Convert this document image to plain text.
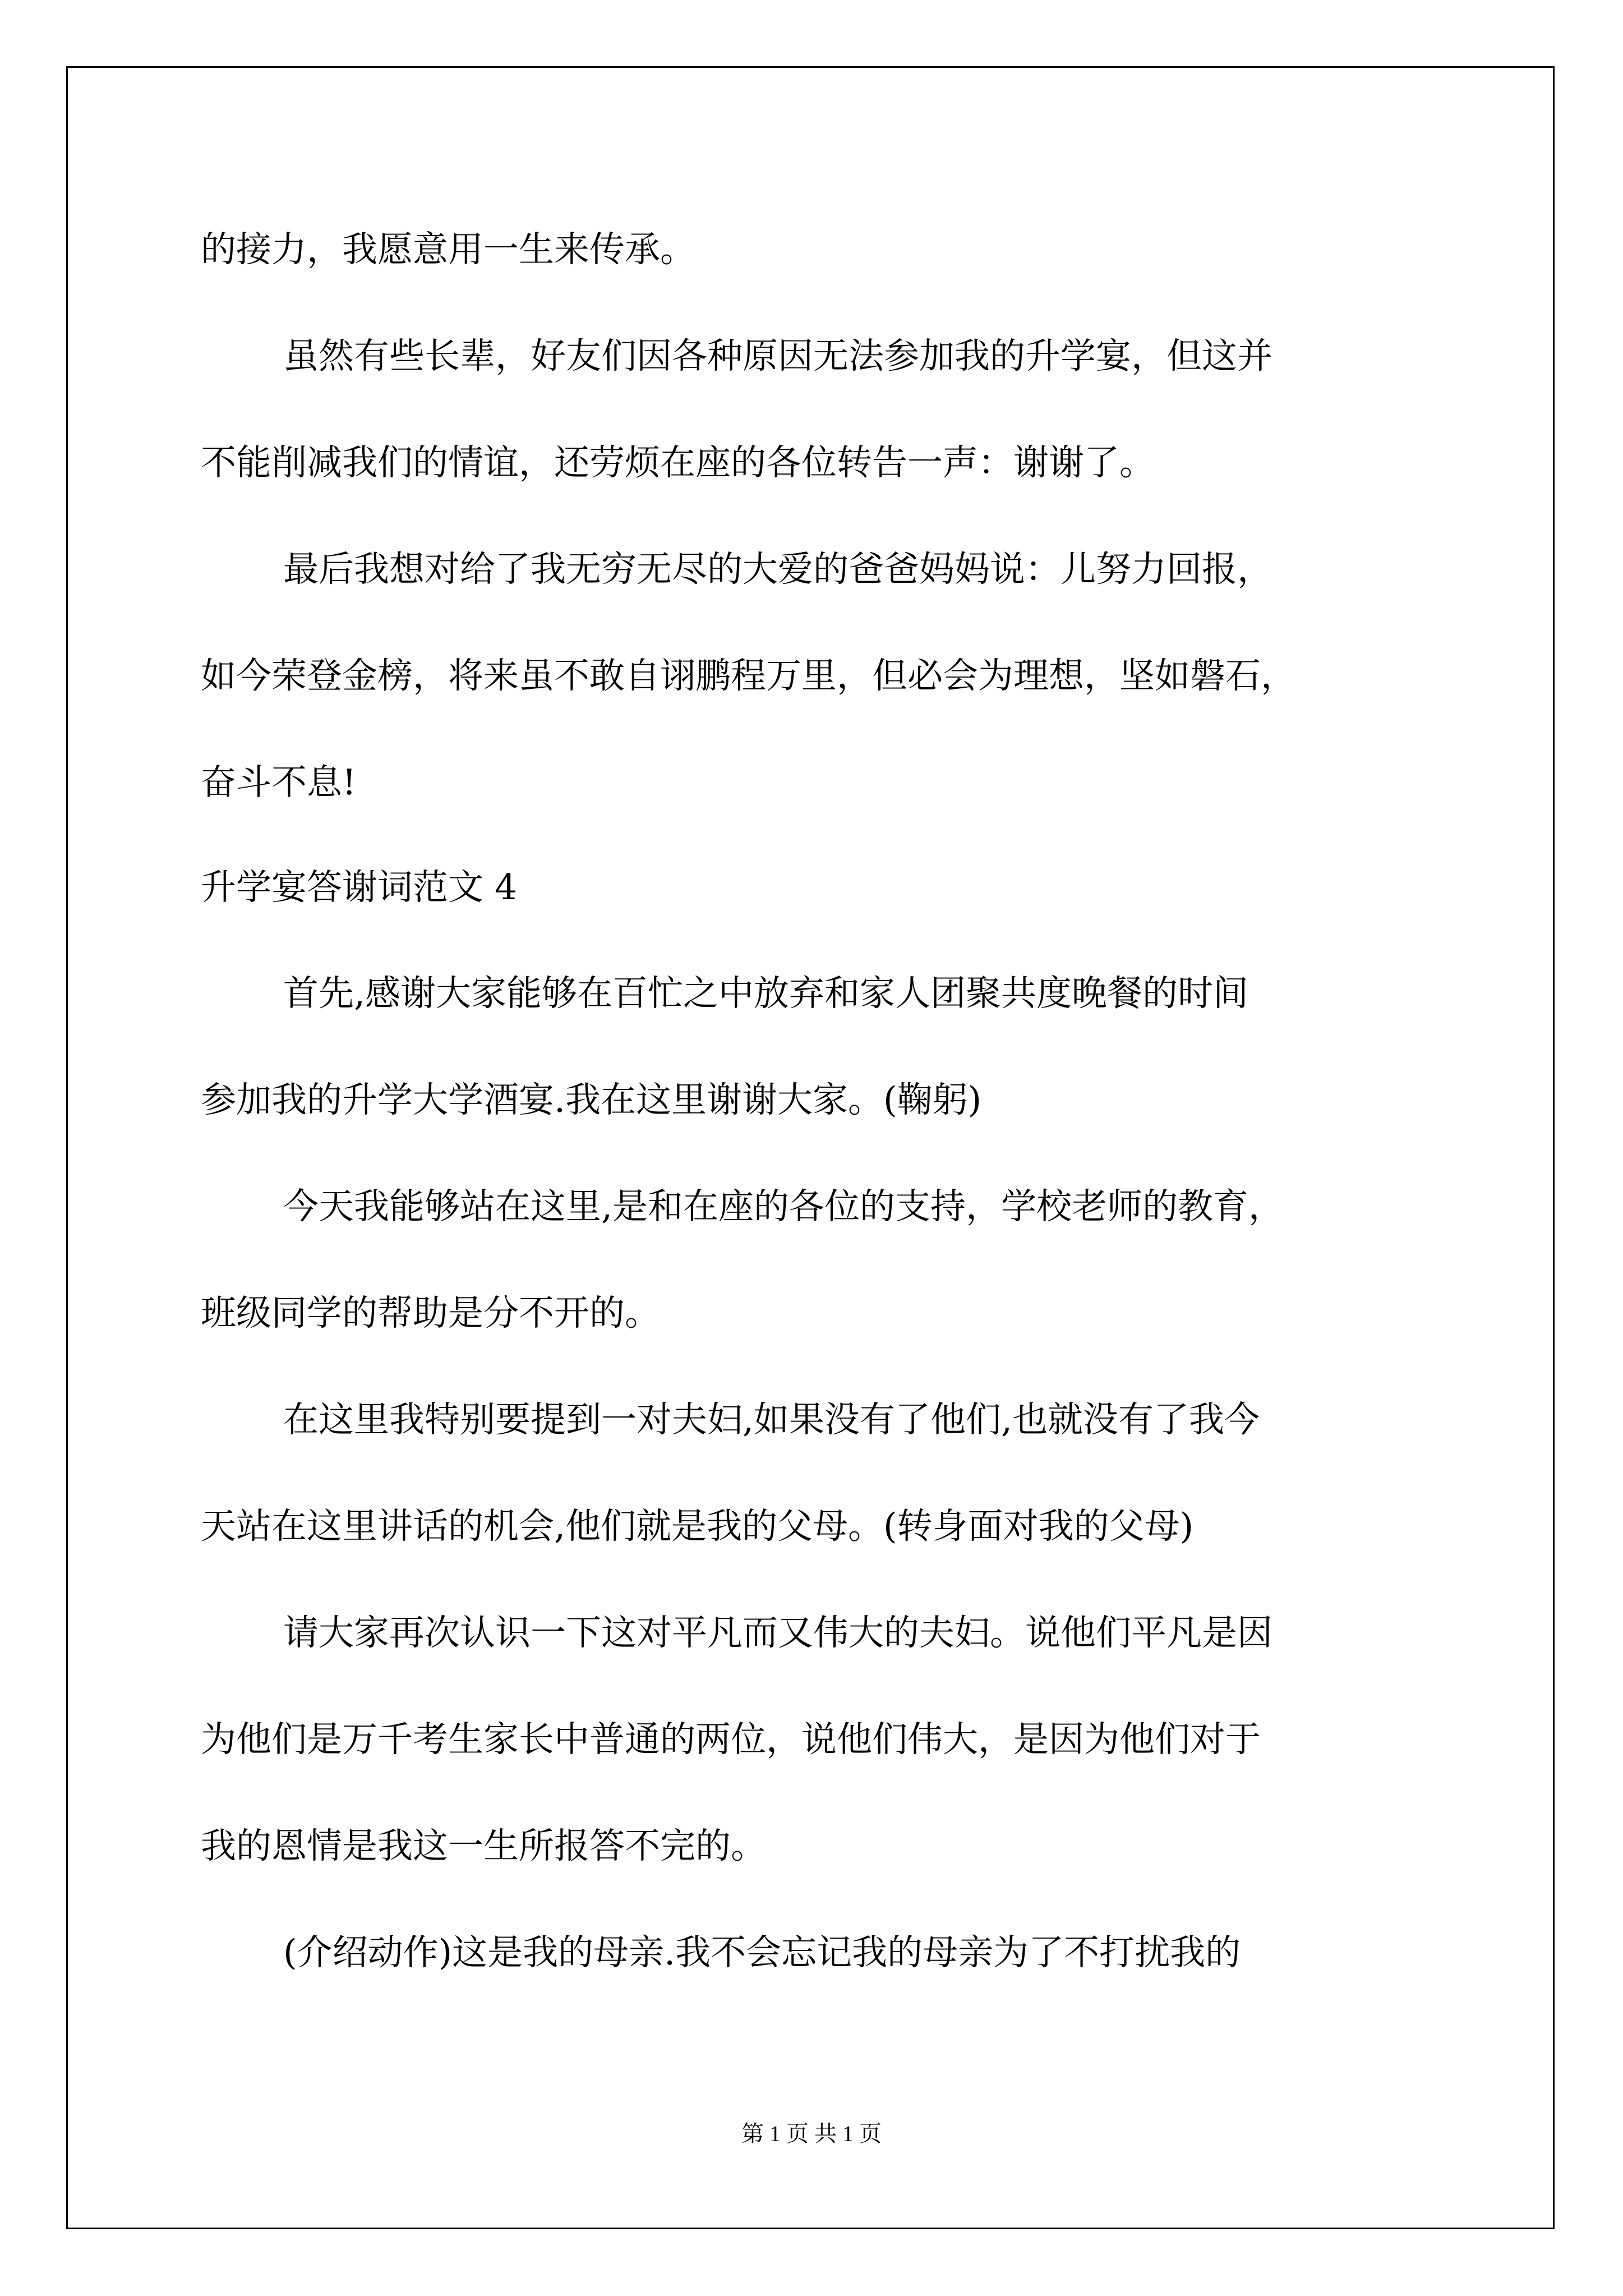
的接力，我愿意用一生来传承。

虽然有些长辈，好友们因各种原因无法参加我的升学宴，但这并

不能削减我们的情谊，还劳烦在座的各位转告一声：谢谢了。

最后我想对给了我无穷无尽的大爱的爸爸妈妈说：儿努力回报，

如今荣登金榜，将来虽不敢自诩鹏程万里，但必会为理想，坚如磐石，

奋斗不息!

升学宴答谢词范文 4

首先,感谢大家能够在百忙之中放弃和家人团聚共度晚餐的时间

参加我的升学大学酒宴.我在这里谢谢大家。(鞠躬)

今天我能够站在这里,是和在座的各位的支持，学校老师的教育，

班级同学的帮助是分不开的。

在这里我特别要提到一对夫妇,如果没有了他们,也就没有了我今

天站在这里讲话的机会,他们就是我的父母。(转身面对我的父母)

请大家再次认识一下这对平凡而又伟大的夫妇。说他们平凡是因

为他们是万千考生家长中普通的两位，说他们伟大，是因为他们对于

我的恩情是我这一生所报答不完的。

(介绍动作)这是我的母亲.我不会忘记我的母亲为了不打扰我的

第 1 页 共 1 页
